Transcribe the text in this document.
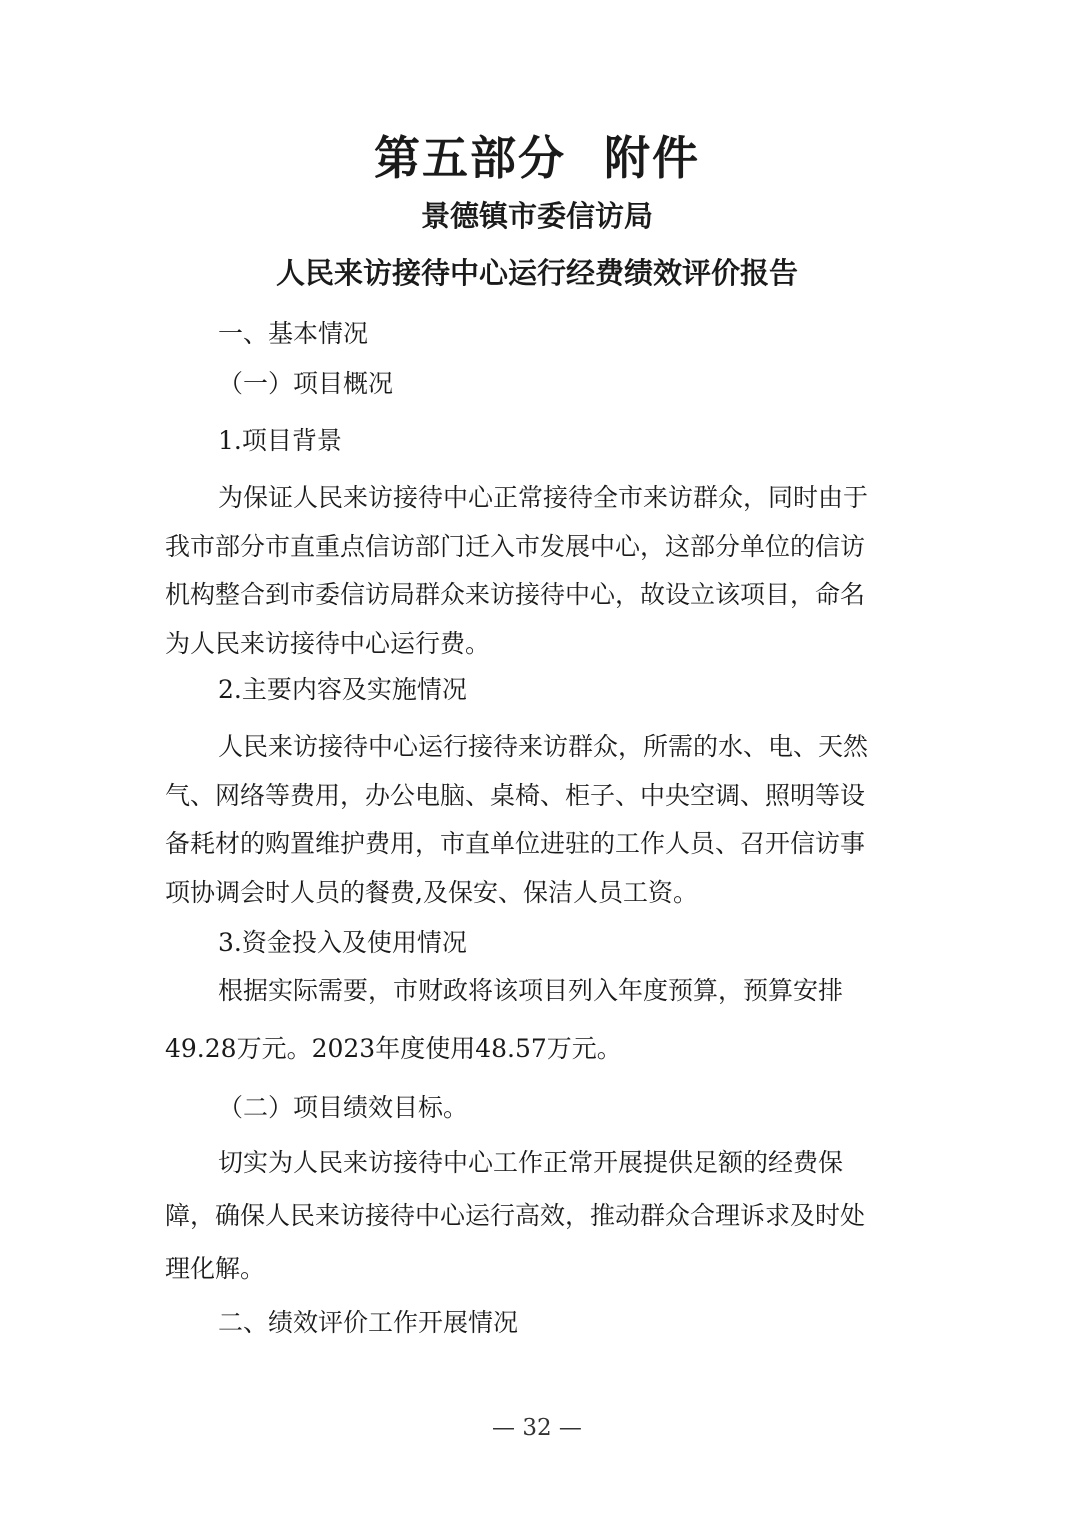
第五部分 附件
景德镇市委信访局
人民来访接待中心运行经费绩效评价报告
一、基本情况
（一）项目概况
1.项目背景
为保证人民来访接待中心正常接待全市来访群众，同时由于
我市部分市直重点信访部门迁入市发展中心，这部分单位的信访
机构整合到市委信访局群众来访接待中心，故设立该项目，命名
为人民来访接待中心运行费。
2.主要内容及实施情况
人民来访接待中心运行接待来访群众，所需的水、电、天然
气、网络等费用，办公电脑、桌椅、柜子、中央空调、照明等设
备耗材的购置维护费用，市直单位进驻的工作人员、召开信访事
项协调会时人员的餐费,及保安、保洁人员工资。
3.资金投入及使用情况
根据实际需要，市财政将该项目列入年度预算，预算安排
49.28万元。2023年度使用48.57万元。
（二）项目绩效目标。
切实为人民来访接待中心工作正常开展提供足额的经费保
障，确保人民来访接待中心运行高效，推动群众合理诉求及时处
理化解。
二、绩效评价工作开展情况
— 32 —
